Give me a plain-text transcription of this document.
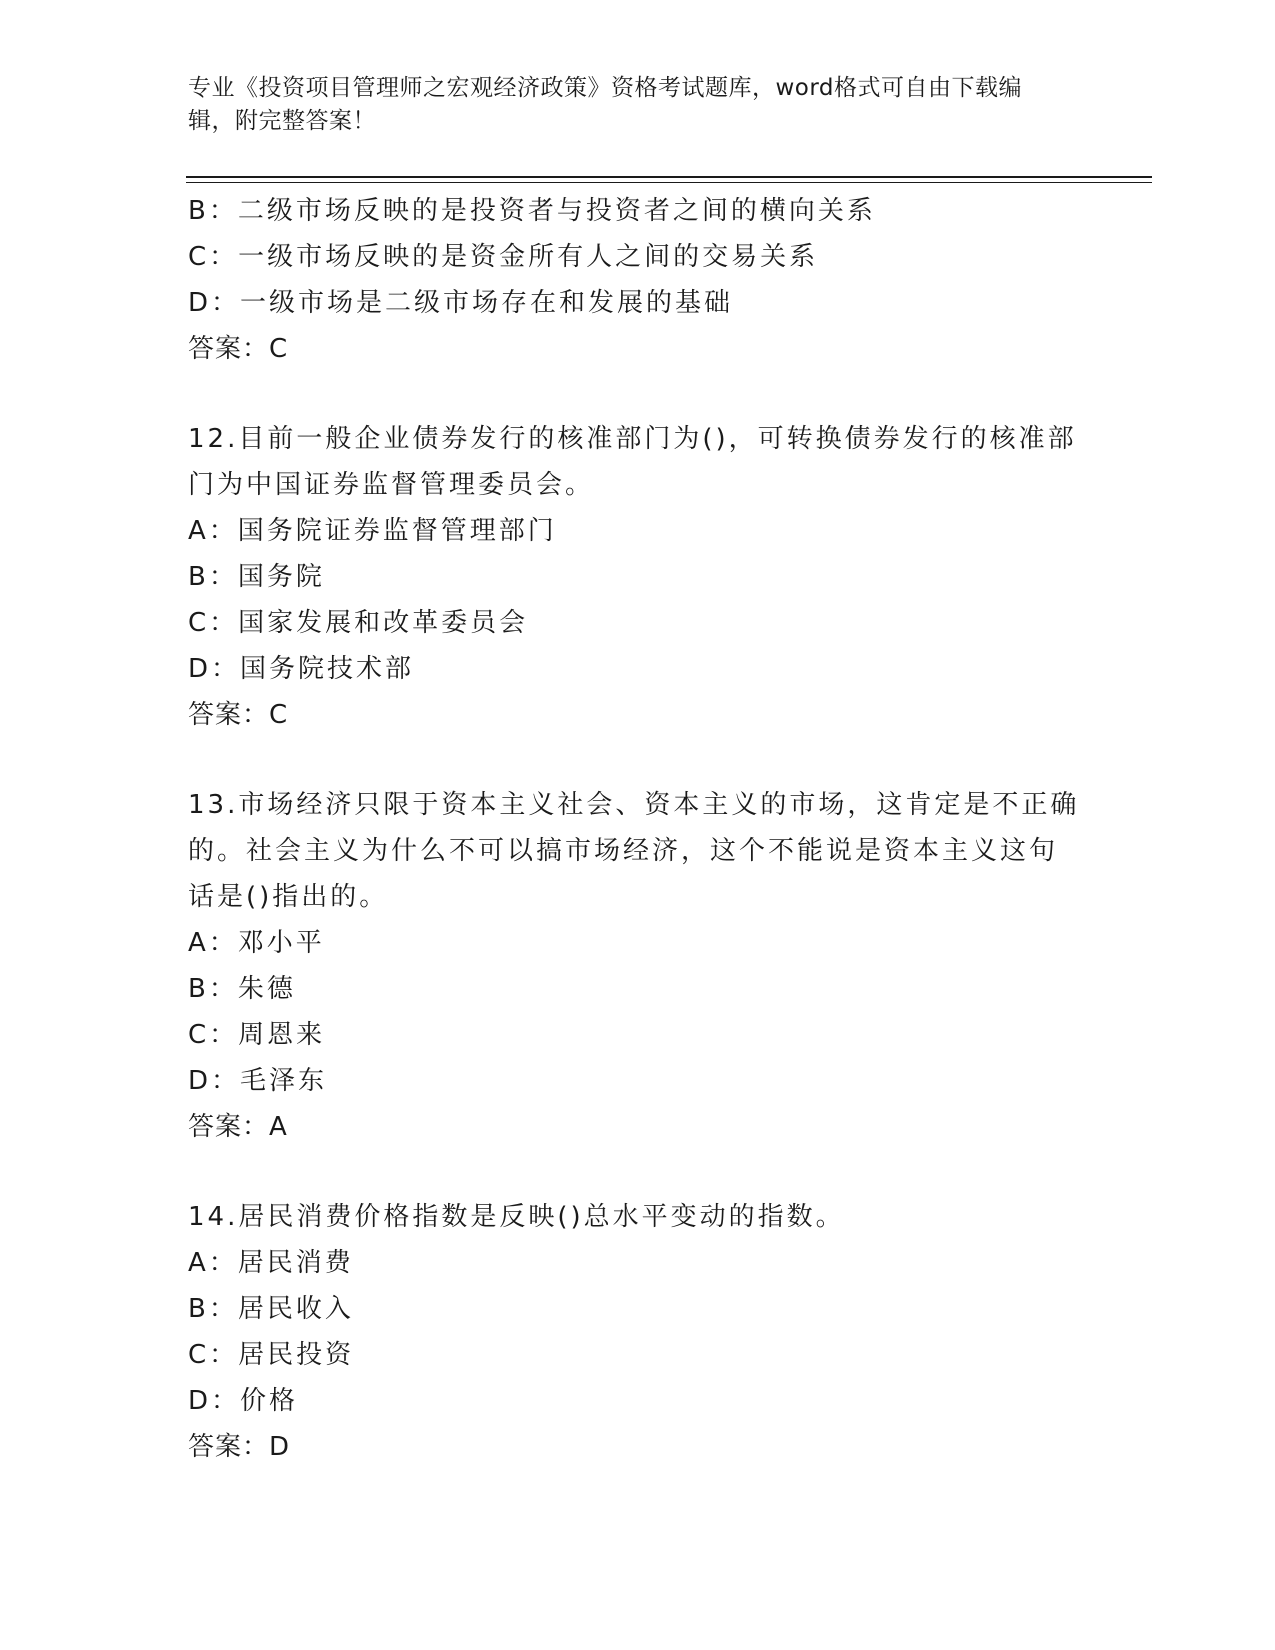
专业《投资项目管理师之宏观经济政策》资格考试题库，word格式可自由下载编辑，附完整答案！
B：二级市场反映的是投资者与投资者之间的横向关系
C：一级市场反映的是资金所有人之间的交易关系
D：一级市场是二级市场存在和发展的基础
答案：C
12.目前一般企业债券发行的核准部门为()，可转换债券发行的核准部
门为中国证券监督管理委员会。
A：国务院证券监督管理部门
B：国务院
C：国家发展和改革委员会
D：国务院技术部
答案：C
13.市场经济只限于资本主义社会、资本主义的市场，这肯定是不正确
的。社会主义为什么不可以搞市场经济，这个不能说是资本主义这句
话是()指出的。
A：邓小平
B：朱德
C：周恩来
D：毛泽东
答案：A
14.居民消费价格指数是反映()总水平变动的指数。
A：居民消费
B：居民收入
C：居民投资
D：价格
答案：D
